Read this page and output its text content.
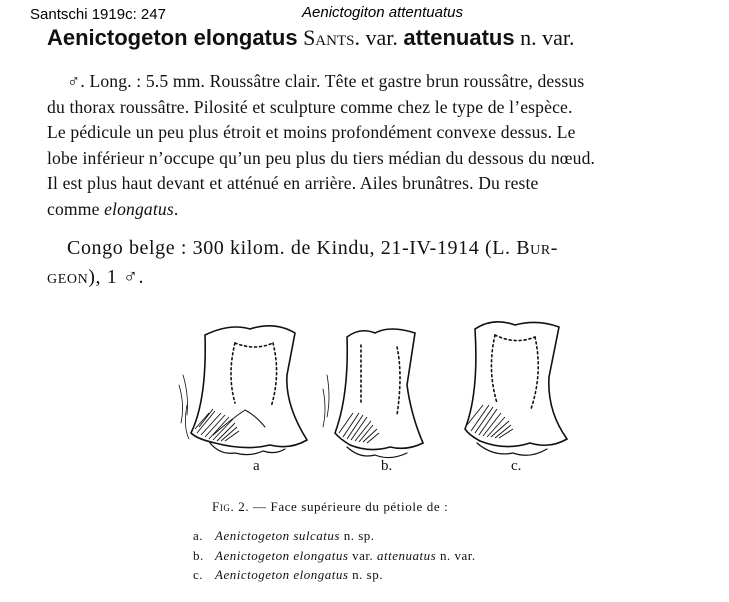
Santschi 1919c: 247	Aenictogiton attentuatus
Aenictogeton elongatus Sants. var. attenuatus n. var.
♂. Long. : 5.5 mm. Roussâtre clair. Tête et gastre brun roussâtre, dessus
du thorax roussâtre. Pilosité et sculpture comme chez le type de l’espèce.
Le pédicule un peu plus étroit et moins profondément convexe dessus. Le
lobe inférieur n’occupe qu’un peu plus du tiers médian du dessous du nœud.
Il est plus haut devant et atténué en arrière. Ailes brunâtres. Du reste
comme elongatus.
Congo belge : 300 kilom. de Kindu, 21-IV-1914 (L. Bur-
geon), 1 ♂.
a	b.	c.
Fig. 2. — Face supérieure du pétiole de :
a. Aenictogeton sulcatus n. sp.
b. Aenictogeton elongatus var. attenuatus n. var.
c. Aenictogeton elongatus n. sp.
